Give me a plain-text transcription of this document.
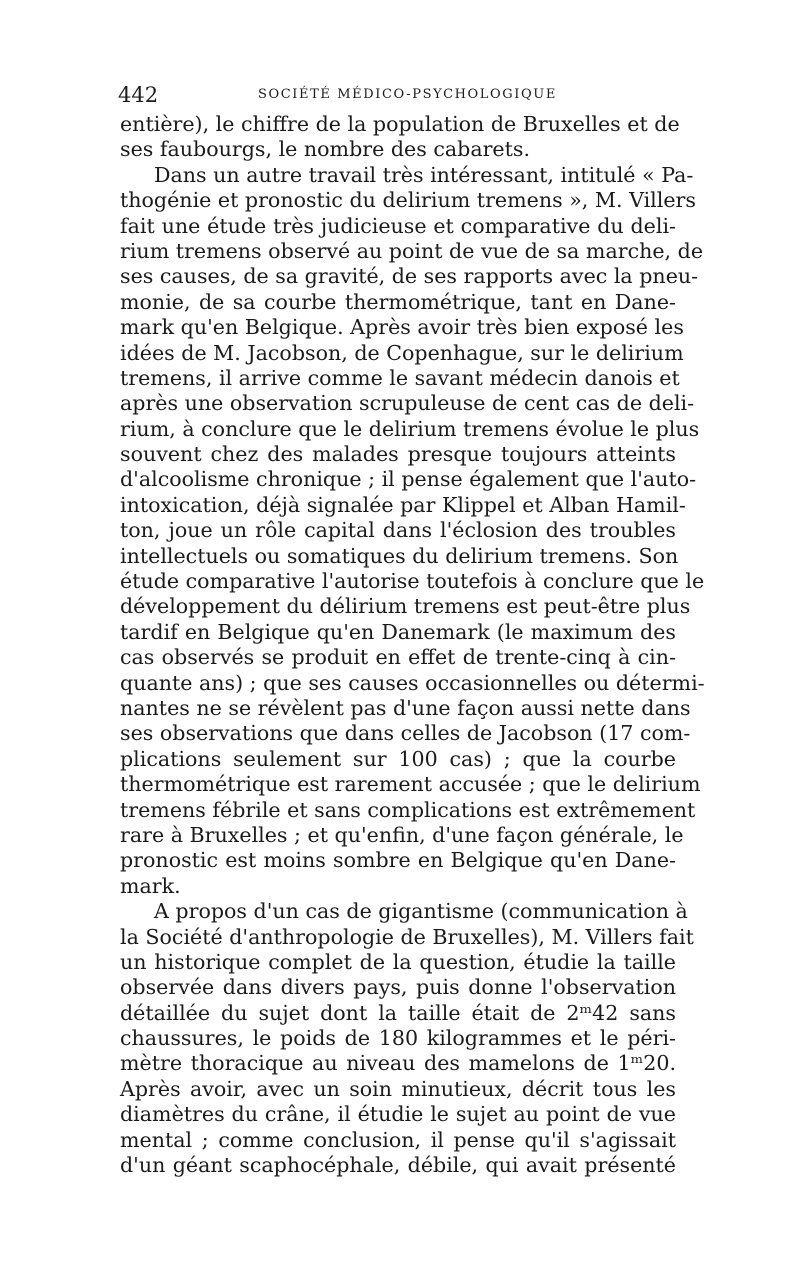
442	SOCIÉTÉ MÉDICO-PSYCHOLOGIQUE
entière), le chiffre de la population de Bruxelles et de
ses faubourgs, le nombre des cabarets.
Dans un autre travail très intéressant, intitulé « Pa-
thogénie et pronostic du delirium tremens », M. Villers
fait une étude très judicieuse et comparative du deli-
rium tremens observé au point de vue de sa marche, de
ses causes, de sa gravité, de ses rapports avec la pneu-
monie, de sa courbe thermométrique, tant en Dane-
mark qu'en Belgique. Après avoir très bien exposé les
idées de M. Jacobson, de Copenhague, sur le delirium
tremens, il arrive comme le savant médecin danois et
après une observation scrupuleuse de cent cas de deli-
rium, à conclure que le delirium tremens évolue le plus
souvent chez des malades presque toujours atteints
d'alcoolisme chronique ; il pense également que l'auto-
intoxication, déjà signalée par Klippel et Alban Hamil-
ton, joue un rôle capital dans l'éclosion des troubles
intellectuels ou somatiques du delirium tremens. Son
étude comparative l'autorise toutefois à conclure que le
développement du délirium tremens est peut-être plus
tardif en Belgique qu'en Danemark (le maximum des
cas observés se produit en effet de trente-cinq à cin-
quante ans) ; que ses causes occasionnelles ou détermi-
nantes ne se révèlent pas d'une façon aussi nette dans
ses observations que dans celles de Jacobson (17 com-
plications seulement sur 100 cas) ; que la courbe
thermométrique est rarement accusée ; que le delirium
tremens fébrile et sans complications est extrêmement
rare à Bruxelles ; et qu'enfin, d'une façon générale, le
pronostic est moins sombre en Belgique qu'en Dane-
mark.
A propos d'un cas de gigantisme (communication à
la Société d'anthropologie de Bruxelles), M. Villers fait
un historique complet de la question, étudie la taille
observée dans divers pays, puis donne l'observation
détaillée du sujet dont la taille était de 2ᵐ42 sans
chaussures, le poids de 180 kilogrammes et le péri-
mètre thoracique au niveau des mamelons de 1ᵐ20.
Après avoir, avec un soin minutieux, décrit tous les
diamètres du crâne, il étudie le sujet au point de vue
mental ; comme conclusion, il pense qu'il s'agissait
d'un géant scaphocéphale, débile, qui avait présenté
